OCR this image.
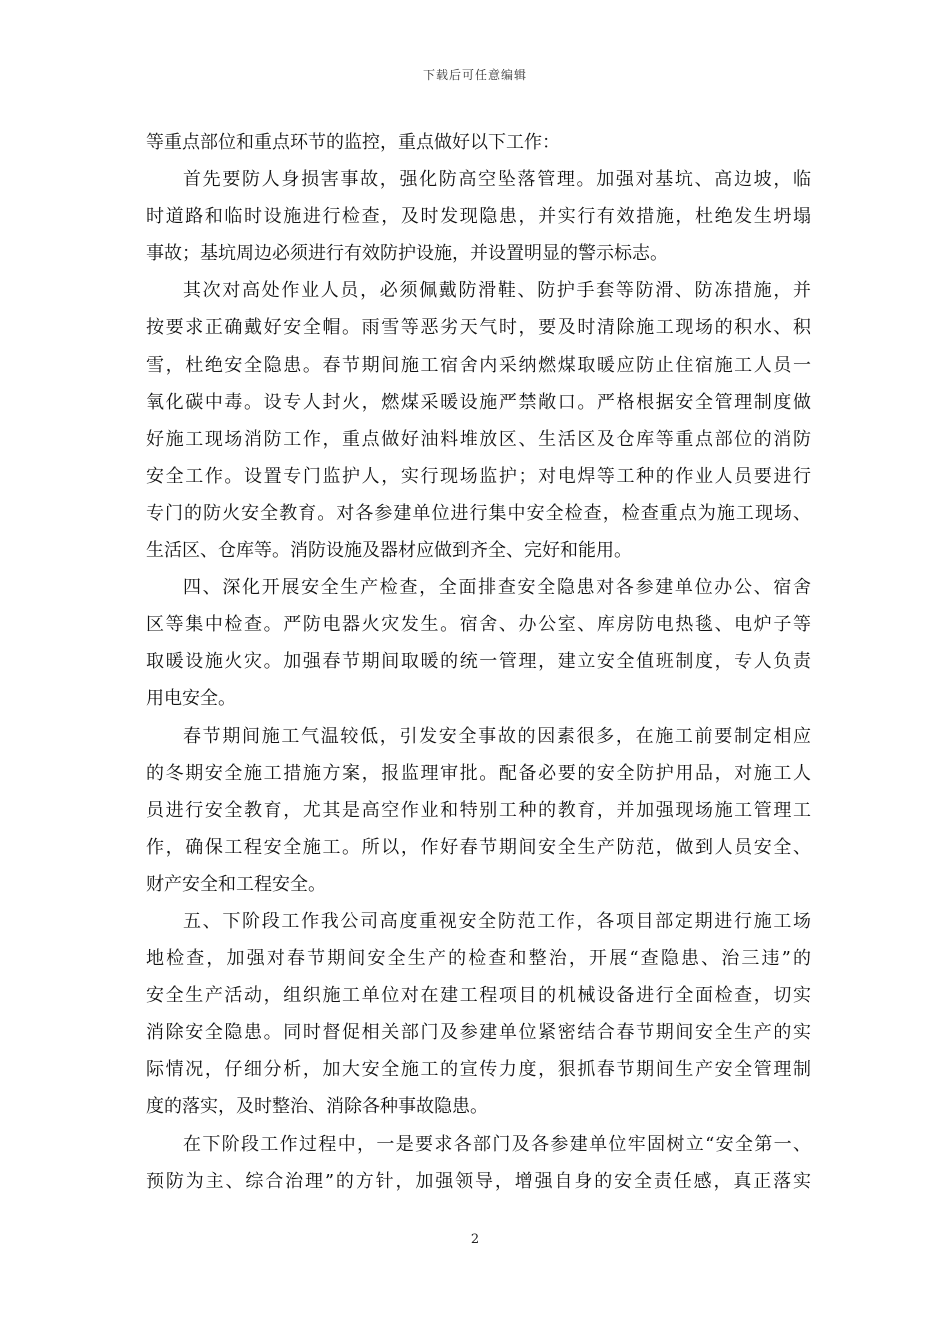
下载后可任意编辑
等重点部位和重点环节的监控，重点做好以下工作：
首先要防人身损害事故，强化防高空坠落管理。加强对基坑、高边坡，临
时道路和临时设施进行检查，及时发现隐患，并实行有效措施，杜绝发生坍塌
事故；基坑周边必须进行有效防护设施，并设置明显的警示标志。
其次对高处作业人员，必须佩戴防滑鞋、防护手套等防滑、防冻措施，并
按要求正确戴好安全帽。雨雪等恶劣天气时，要及时清除施工现场的积水、积
雪，杜绝安全隐患。春节期间施工宿舍内采纳燃煤取暖应防止住宿施工人员一
氧化碳中毒。设专人封火，燃煤采暖设施严禁敞口。严格根据安全管理制度做
好施工现场消防工作，重点做好油料堆放区、生活区及仓库等重点部位的消防
安全工作。设置专门监护人，实行现场监护；对电焊等工种的作业人员要进行
专门的防火安全教育。对各参建单位进行集中安全检查，检查重点为施工现场、
生活区、仓库等。消防设施及器材应做到齐全、完好和能用。
四、深化开展安全生产检查，全面排查安全隐患对各参建单位办公、宿舍
区等集中检查。严防电器火灾发生。宿舍、办公室、库房防电热毯、电炉子等
取暖设施火灾。加强春节期间取暖的统一管理，建立安全值班制度，专人负责
用电安全。
春节期间施工气温较低，引发安全事故的因素很多，在施工前要制定相应
的冬期安全施工措施方案，报监理审批。配备必要的安全防护用品，对施工人
员进行安全教育，尤其是高空作业和特别工种的教育，并加强现场施工管理工
作，确保工程安全施工。所以，作好春节期间安全生产防范，做到人员安全、
财产安全和工程安全。
五、下阶段工作我公司高度重视安全防范工作，各项目部定期进行施工场
地检查，加强对春节期间安全生产的检查和整治，开展“查隐患、治三违”的
安全生产活动，组织施工单位对在建工程项目的机械设备进行全面检查，切实
消除安全隐患。同时督促相关部门及参建单位紧密结合春节期间安全生产的实
际情况，仔细分析，加大安全施工的宣传力度，狠抓春节期间生产安全管理制
度的落实，及时整治、消除各种事故隐患。
在下阶段工作过程中，一是要求各部门及各参建单位牢固树立“安全第一、
预防为主、综合治理”的方针，加强领导，增强自身的安全责任感，真正落实
2
